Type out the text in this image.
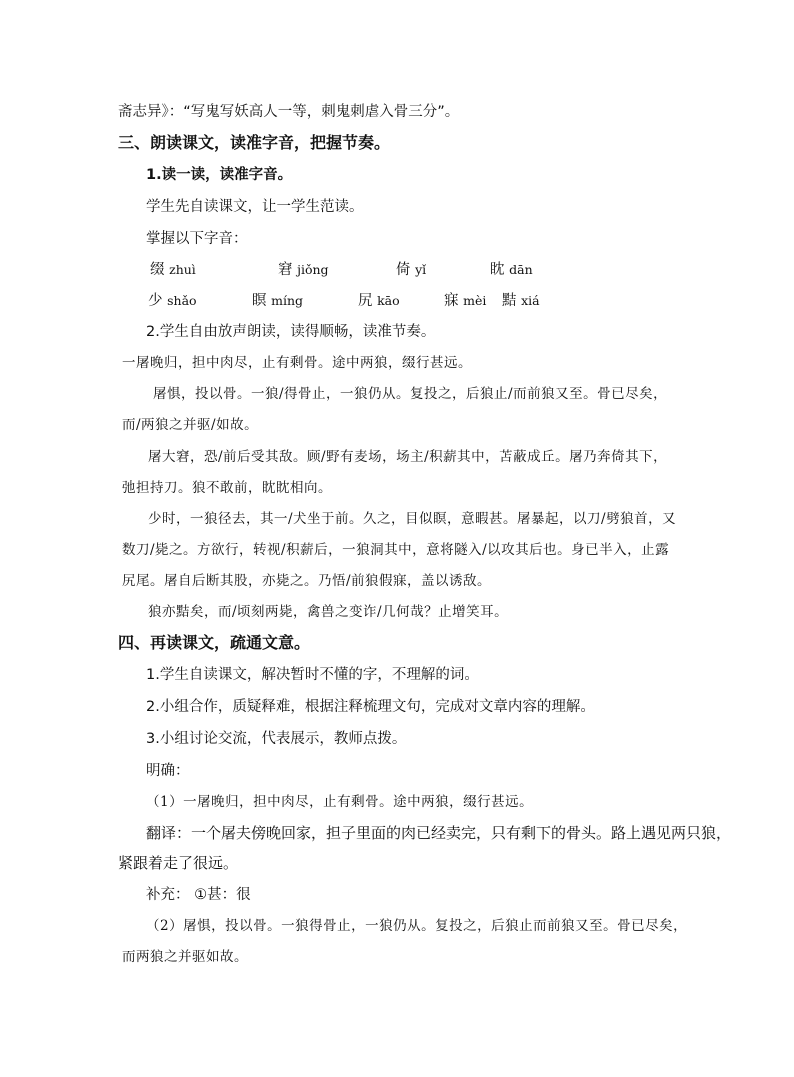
斋志异》：“写鬼写妖高人一等，刺鬼刺虐入骨三分”。
三、朗读课文，读准字音，把握节奏。
1.读一读，读准字音。
学生先自读课文，让一学生范读。
掌握以下字音：
缀 zhuì	窘 jiǒng	倚 yǐ	眈 dān
少 shǎo	瞑 míng	尻 kāo	寐 mèi 黠 xiá
2.学生自由放声朗读，读得顺畅，读准节奏。
一屠晚归，担中肉尽，止有剩骨。途中两狼，缀行甚远。
屠惧，投以骨。一狼/得骨止，一狼仍从。复投之，后狼止/而前狼又至。骨已尽矣，
而/两狼之并驱/如故。
屠大窘，恐/前后受其敌。顾/野有麦场，场主/积薪其中，苫蔽成丘。屠乃奔倚其下，
弛担持刀。狼不敢前，眈眈相向。
少时，一狼径去，其一/犬坐于前。久之，目似瞑，意暇甚。屠暴起，以刀/劈狼首，又
数刀/毙之。方欲行，转视/积薪后，一狼洞其中，意将隧入/以攻其后也。身已半入，止露
尻尾。屠自后断其股，亦毙之。乃悟/前狼假寐，盖以诱敌。
狼亦黠矣，而/顷刻两毙，禽兽之变诈/几何哉？止增笑耳。
四、再读课文，疏通文意。
1.学生自读课文，解决暂时不懂的字，不理解的词。
2.小组合作，质疑释难，根据注释梳理文句，完成对文章内容的理解。
3.小组讨论交流，代表展示，教师点拨。
明确：
（1）一屠晚归，担中肉尽，止有剩骨。途中两狼，缀行甚远。
翻译：一个屠夫傍晚回家，担子里面的肉已经卖完，只有剩下的骨头。路上遇见两只狼，
紧跟着走了很远。
补充： ①甚：很
（2）屠惧，投以骨。一狼得骨止，一狼仍从。复投之，后狼止而前狼又至。骨已尽矣，
而两狼之并驱如故。
